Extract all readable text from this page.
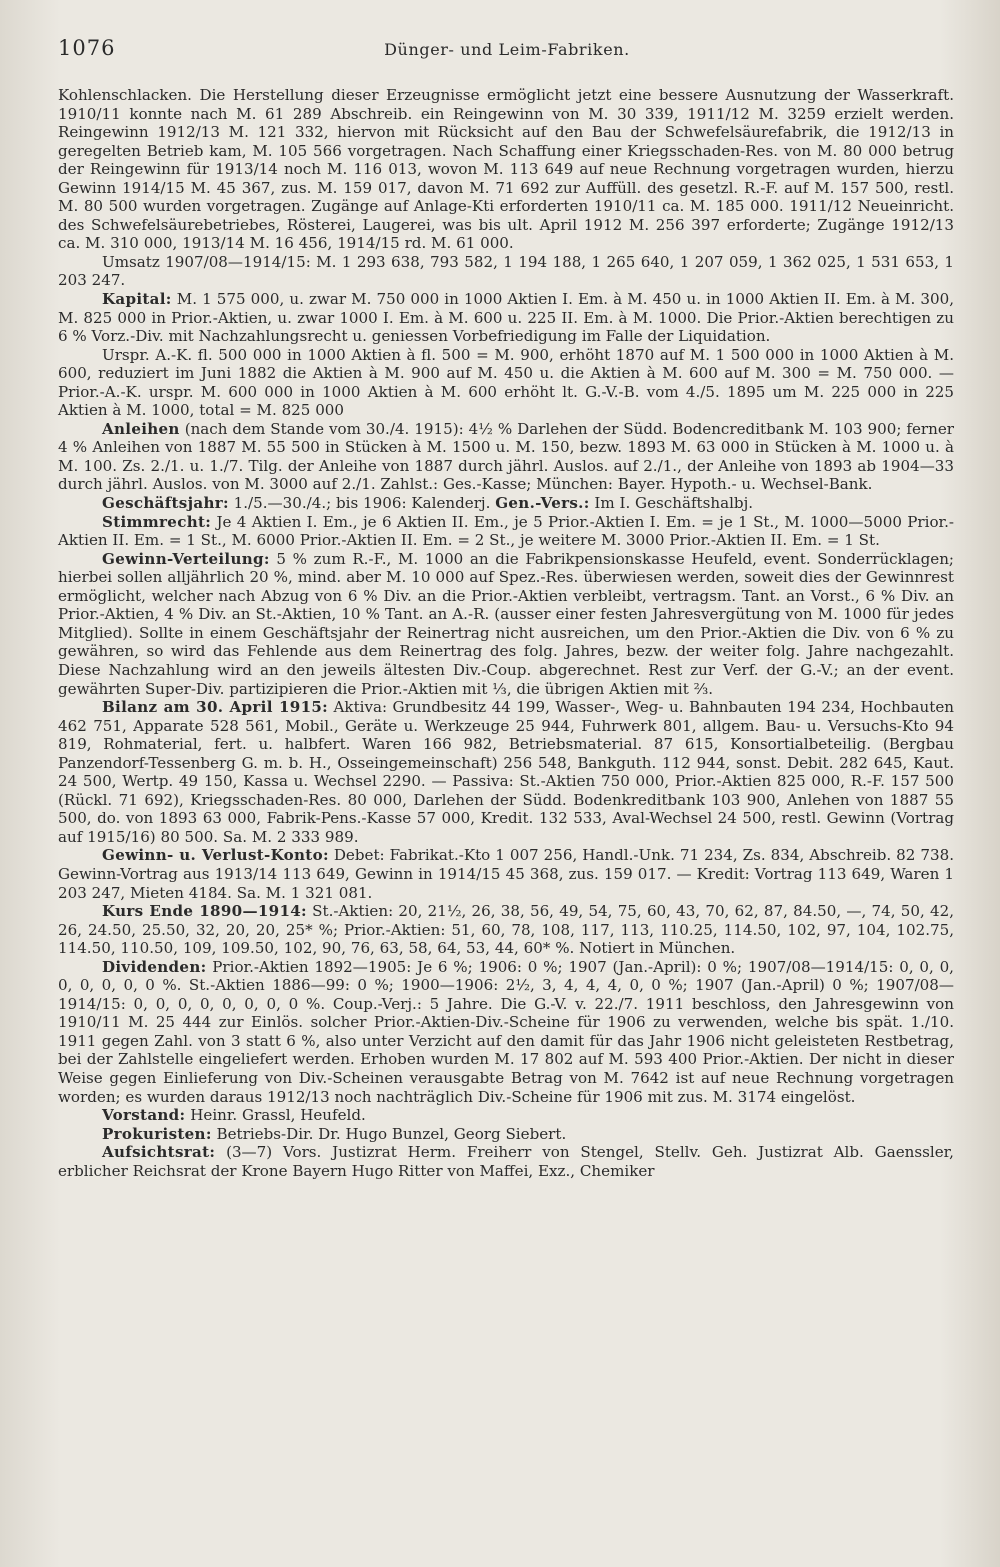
1076	Dünger- und Leim-Fabriken.

Kohlenschlacken. Die Herstellung dieser Erzeugnisse ermöglicht jetzt eine bessere Ausnutzung der Wasserkraft. 1910/11 konnte nach M. 61 289 Abschreib. ein Reingewinn von M. 30 339, 1911/12 M. 3259 erzielt werden. Reingewinn 1912/13 M. 121 332, hiervon mit Rücksicht auf den Bau der Schwefelsäurefabrik, die 1912/13 in geregelten Betrieb kam, M. 105 566 vorgetragen. Nach Schaffung einer Kriegsschaden-Res. von M. 80 000 betrug der Reingewinn für 1913/14 noch M. 116 013, wovon M. 113 649 auf neue Rechnung vorgetragen wurden, hierzu Gewinn 1914/15 M. 45 367, zus. M. 159 017, davon M. 71 692 zur Auffüll. des gesetzl. R.-F. auf M. 157 500, restl. M. 80 500 wurden vorgetragen. Zugänge auf Anlage-Kti erforderten 1910/11 ca. M. 185 000. 1911/12 Neueinricht. des Schwefelsäurebetriebes, Rösterei, Laugerei, was bis ult. April 1912 M. 256 397 erforderte; Zugänge 1912/13 ca. M. 310 000, 1913/14 M. 16 456, 1914/15 rd. M. 61 000.

Umsatz 1907/08—1914/15: M. 1 293 638, 793 582, 1 194 188, 1 265 640, 1 207 059, 1 362 025, 1 531 653, 1 203 247.

Kapital: M. 1 575 000, u. zwar M. 750 000 in 1000 Aktien I. Em. à M. 450 u. in 1000 Aktien II. Em. à M. 300, M. 825 000 in Prior.-Aktien, u. zwar 1000 I. Em. à M. 600 u. 225 II. Em. à M. 1000. Die Prior.-Aktien berechtigen zu 6 % Vorz.-Div. mit Nachzahlungsrecht u. geniessen Vorbefriedigung im Falle der Liquidation.

Urspr. A.-K. fl. 500 000 in 1000 Aktien à fl. 500 = M. 900, erhöht 1870 auf M. 1 500 000 in 1000 Aktien à M. 600, reduziert im Juni 1882 die Aktien à M. 900 auf M. 450 u. die Aktien à M. 600 auf M. 300 = M. 750 000. — Prior.-A.-K. urspr. M. 600 000 in 1000 Aktien à M. 600 erhöht lt. G.-V.-B. vom 4./5. 1895 um M. 225 000 in 225 Aktien à M. 1000, total = M. 825 000

Anleihen (nach dem Stande vom 30./4. 1915): 4½ % Darlehen der Südd. Bodencreditbank M. 103 900; ferner 4 % Anleihen von 1887 M. 55 500 in Stücken à M. 1500 u. M. 150, bezw. 1893 M. 63 000 in Stücken à M. 1000 u. à M. 100. Zs. 2./1. u. 1./7. Tilg. der Anleihe von 1887 durch jährl. Auslos. auf 2./1., der Anleihe von 1893 ab 1904—33 durch jährl. Auslos. von M. 3000 auf 2./1. Zahlst.: Ges.-Kasse; München: Bayer. Hypoth.- u. Wechsel-Bank.

Geschäftsjahr: 1./5.—30./4.; bis 1906: Kalenderj. Gen.-Vers.: Im I. Geschäftshalbj.

Stimmrecht: Je 4 Aktien I. Em., je 6 Aktien II. Em., je 5 Prior.-Aktien I. Em. = je 1 St., M. 1000—5000 Prior.-Aktien II. Em. = 1 St., M. 6000 Prior.-Aktien II. Em. = 2 St., je weitere M. 3000 Prior.-Aktien II. Em. = 1 St.

Gewinn-Verteilung: 5 % zum R.-F., M. 1000 an die Fabrikpensionskasse Heufeld, event. Sonderrücklagen; hierbei sollen alljährlich 20 %, mind. aber M. 10 000 auf Spez.-Res. überwiesen werden, soweit dies der Gewinnrest ermöglicht, welcher nach Abzug von 6 % Div. an die Prior.-Aktien verbleibt, vertragsm. Tant. an Vorst., 6 % Div. an Prior.-Aktien, 4 % Div. an St.-Aktien, 10 % Tant. an A.-R. (ausser einer festen Jahresvergütung von M. 1000 für jedes Mitglied). Sollte in einem Geschäftsjahr der Reinertrag nicht ausreichen, um den Prior.-Aktien die Div. von 6 % zu gewähren, so wird das Fehlende aus dem Reinertrag des folg. Jahres, bezw. der weiter folg. Jahre nachgezahlt. Diese Nachzahlung wird an den jeweils ältesten Div.-Coup. abgerechnet. Rest zur Verf. der G.-V.; an der event. gewährten Super-Div. partizipieren die Prior.-Aktien mit ⅓, die übrigen Aktien mit ⅔.

Bilanz am 30. April 1915: Aktiva: Grundbesitz 44 199, Wasser-, Weg- u. Bahnbauten 194 234, Hochbauten 462 751, Apparate 528 561, Mobil., Geräte u. Werkzeuge 25 944, Fuhrwerk 801, allgem. Bau- u. Versuchs-Kto 94 819, Rohmaterial, fert. u. halbfert. Waren 166 982, Betriebsmaterial. 87 615, Konsortialbeteilig. (Bergbau Panzendorf-Tessenberg G. m. b. H., Osseingemeinschaft) 256 548, Bankguth. 112 944, sonst. Debit. 282 645, Kaut. 24 500, Wertp. 49 150, Kassa u. Wechsel 2290. — Passiva: St.-Aktien 750 000, Prior.-Aktien 825 000, R.-F. 157 500 (Rückl. 71 692), Kriegsschaden-Res. 80 000, Darlehen der Südd. Bodenkreditbank 103 900, Anlehen von 1887 55 500, do. von 1893 63 000, Fabrik-Pens.-Kasse 57 000, Kredit. 132 533, Aval-Wechsel 24 500, restl. Gewinn (Vortrag auf 1915/16) 80 500. Sa. M. 2 333 989.

Gewinn- u. Verlust-Konto: Debet: Fabrikat.-Kto 1 007 256, Handl.-Unk. 71 234, Zs. 834, Abschreib. 82 738. Gewinn-Vortrag aus 1913/14 113 649, Gewinn in 1914/15 45 368, zus. 159 017. — Kredit: Vortrag 113 649, Waren 1 203 247, Mieten 4184. Sa. M. 1 321 081.

Kurs Ende 1890—1914: St.-Aktien: 20, 21½, 26, 38, 56, 49, 54, 75, 60, 43, 70, 62, 87, 84.50, —, 74, 50, 42, 26, 24.50, 25.50, 32, 20, 20, 25* %; Prior.-Aktien: 51, 60, 78, 108, 117, 113, 110.25, 114.50, 102, 97, 104, 102.75, 114.50, 110.50, 109, 109.50, 102, 90, 76, 63, 58, 64, 53, 44, 60* %. Notiert in München.

Dividenden: Prior.-Aktien 1892—1905: Je 6 %; 1906: 0 %; 1907 (Jan.-April): 0 %; 1907/08—1914/15: 0, 0, 0, 0, 0, 0, 0, 0 %. St.-Aktien 1886—99: 0 %; 1900—1906: 2½, 3, 4, 4, 4, 0, 0 %; 1907 (Jan.-April) 0 %; 1907/08—1914/15: 0, 0, 0, 0, 0, 0, 0, 0 %. Coup.-Verj.: 5 Jahre. Die G.-V. v. 22./7. 1911 beschloss, den Jahresgewinn von 1910/11 M. 25 444 zur Einlös. solcher Prior.-Aktien-Div.-Scheine für 1906 zu verwenden, welche bis spät. 1./10. 1911 gegen Zahl. von 3 statt 6 %, also unter Verzicht auf den damit für das Jahr 1906 nicht geleisteten Restbetrag, bei der Zahlstelle eingeliefert werden. Erhoben wurden M. 17 802 auf M. 593 400 Prior.-Aktien. Der nicht in dieser Weise gegen Einlieferung von Div.-Scheinen verausgabte Betrag von M. 7642 ist auf neue Rechnung vorgetragen worden; es wurden daraus 1912/13 noch nachträglich Div.-Scheine für 1906 mit zus. M. 3174 eingelöst.

Vorstand: Heinr. Grassl, Heufeld.

Prokuristen: Betriebs-Dir. Dr. Hugo Bunzel, Georg Siebert.

Aufsichtsrat: (3—7) Vors. Justizrat Herm. Freiherr von Stengel, Stellv. Geh. Justizrat Alb. Gaenssler, erblicher Reichsrat der Krone Bayern Hugo Ritter von Maffei, Exz., Chemiker
